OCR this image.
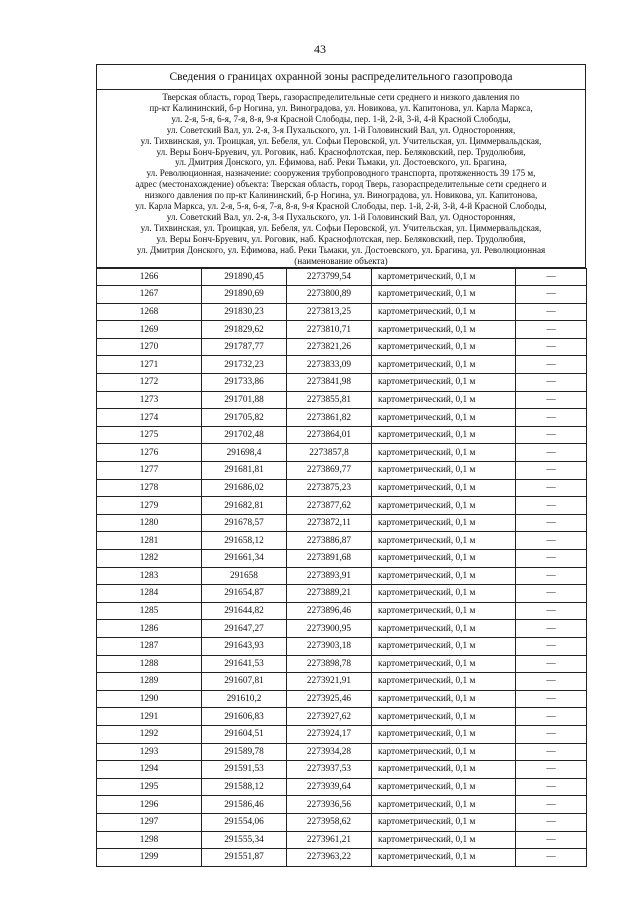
43
Сведения о границах охранной зоны распределительного газопровода
Тверская область, город Тверь, газораспределительные сети среднего и низкого давления по
пр-кт Калининский, б-р Ногина, ул. Виноградова, ул. Новикова, ул. Капитонова, ул. Карла Маркса,
ул. 2-я, 5-я, 6-я, 7-я, 8-я, 9-я Красной Слободы, пер. 1-й, 2-й, 3-й, 4-й Красной Слободы,
ул. Советский Вал, ул. 2-я, 3-я Пухальского, ул. 1-й Головинский Вал, ул. Односторонняя,
ул. Тихвинская, ул. Троицкая, ул. Бебеля, ул. Софьи Перовской, ул. Учительская, ул. Циммервальдская,
ул. Веры Бонч-Бруевич, ул. Роговик, наб. Краснофлотская, пер. Беляковский, пер. Трудолюбия,
ул. Дмитрия Донского, ул. Ефимова, наб. Реки Тьмаки, ул. Достоевского, ул. Брагина,
ул. Революционная, назначение: сооружения трубопроводного транспорта, протяженность 39 175 м,
адрес (местонахождение) объекта: Тверская область, город Тверь, газораспределительные сети среднего и
низкого давления по пр-кт Калининский, б-р Ногина, ул. Виноградова, ул. Новикова, ул. Капитонова,
ул. Карла Маркса, ул. 2-я, 5-я, 6-я, 7-я, 8-я, 9-я Красной Слободы, пер. 1-й, 2-й, 3-й, 4-й Красной Слободы,
ул. Советский Вал, ул. 2-я, 3-я Пухальского, ул. 1-й Головинский Вал, ул. Односторонняя,
ул. Тихвинская, ул. Троицкая, ул. Бебеля, ул. Софьи Перовской, ул. Учительская, ул. Циммервальдская,
ул. Веры Бонч-Бруевич, ул. Роговик, наб. Краснофлотская, пер. Беляковский, пер. Трудолюбия,
ул. Дмитрия Донского, ул. Ефимова, наб. Реки Тьмаки, ул. Достоевского, ул. Брагина, ул. Революционная
(наименование объекта)
1266	291890,45	2273799,54	картометрический, 0,1 м	—
1267	291890,69	2273800,89	картометрический, 0,1 м	—
1268	291830,23	2273813,25	картометрический, 0,1 м	—
1269	291829,62	2273810,71	картометрический, 0,1 м	—
1270	291787,77	2273821,26	картометрический, 0,1 м	—
1271	291732,23	2273833,09	картометрический, 0,1 м	—
1272	291733,86	2273841,98	картометрический, 0,1 м	—
1273	291701,88	2273855,81	картометрический, 0,1 м	—
1274	291705,82	2273861,82	картометрический, 0,1 м	—
1275	291702,48	2273864,01	картометрический, 0,1 м	—
1276	291698,4	2273857,8	картометрический, 0,1 м	—
1277	291681,81	2273869,77	картометрический, 0,1 м	—
1278	291686,02	2273875,23	картометрический, 0,1 м	—
1279	291682,81	2273877,62	картометрический, 0,1 м	—
1280	291678,57	2273872,11	картометрический, 0,1 м	—
1281	291658,12	2273886,87	картометрический, 0,1 м	—
1282	291661,34	2273891,68	картометрический, 0,1 м	—
1283	291658	2273893,91	картометрический, 0,1 м	—
1284	291654,87	2273889,21	картометрический, 0,1 м	—
1285	291644,82	2273896,46	картометрический, 0,1 м	—
1286	291647,27	2273900,95	картометрический, 0,1 м	—
1287	291643,93	2273903,18	картометрический, 0,1 м	—
1288	291641,53	2273898,78	картометрический, 0,1 м	—
1289	291607,81	2273921,91	картометрический, 0,1 м	—
1290	291610,2	2273925,46	картометрический, 0,1 м	—
1291	291606,83	2273927,62	картометрический, 0,1 м	—
1292	291604,51	2273924,17	картометрический, 0,1 м	—
1293	291589,78	2273934,28	картометрический, 0,1 м	—
1294	291591,53	2273937,53	картометрический, 0,1 м	—
1295	291588,12	2273939,64	картометрический, 0,1 м	—
1296	291586,46	2273936,56	картометрический, 0,1 м	—
1297	291554,06	2273958,62	картометрический, 0,1 м	—
1298	291555,34	2273961,21	картометрический, 0,1 м	—
1299	291551,87	2273963,22	картометрический, 0,1 м	—
